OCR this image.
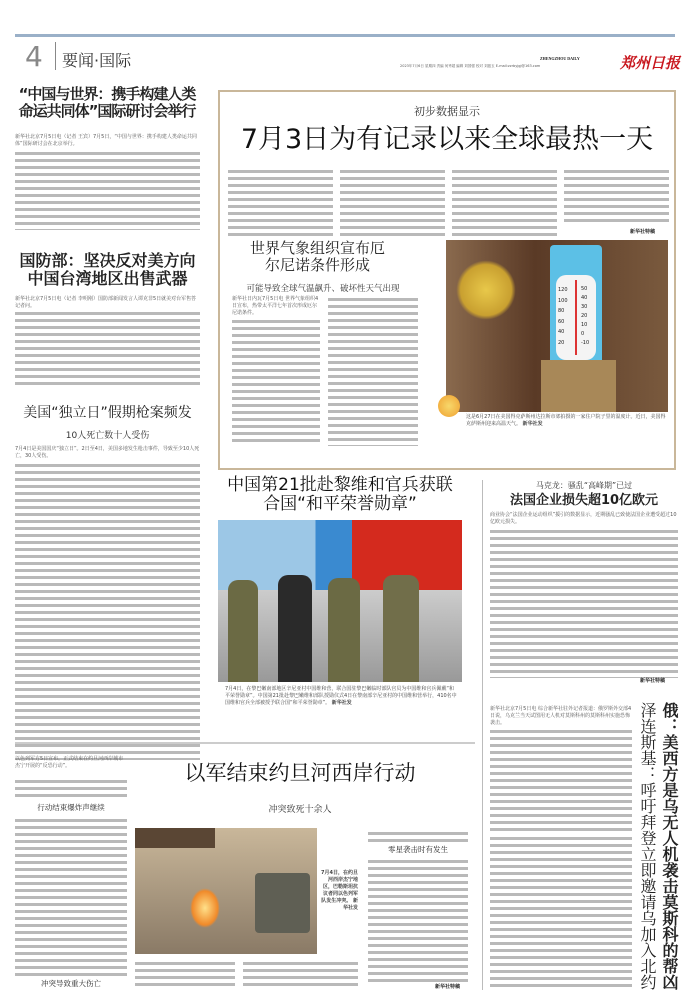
4 要闻·国际	ZHENGZHOU DAILY
2023年7月6日 星期四 责编 何秀超 编辑 刘国强 校对 刘振玉 E-mail:zzrbyjgj@163.com	郑州日报
“中国与世界：携手构建人类命运共同体”国际研讨会举行
新华社北京7月5日电（记者 王宾）7月5日，“中国与世界：携手构建人类命运共同体”国际研讨会在北京举行。
国防部：坚决反对美方向中国台湾地区出售武器
新华社北京7月5日电（记者 李明刚）国防部新闻发言人谭克非5日就美对台军售答记者问。
美国“独立日”假期枪案频发
10人死亡数十人受伤
7月4日是美国国庆“独立日”。2日至4日，美国多地发生枪击事件，导致至少10人死亡，30人受伤。
初步数据显示
7月3日为有记录以来全球最热一天
新华社特稿
世界气象组织宣布厄尔尼诺条件形成
可能导致全球气温飙升、破坏性天气出现
新华社日内瓦7月5日电 世界气象组织4日宣布，热带太平洋七年首次形成厄尔尼诺条件。
120
100
80
60
40
20
50
40
30
20
10
0
-10
这是6月27日在美国得克萨斯州达拉斯市郊拍摄的一家住户院子里的温度计。近日，美国得克萨斯州迎来高温天气。 新华社发
中国第21批赴黎维和官兵获联合国“和平荣誉勋章”
7月4日，在黎巴嫩南部地区辛尼亚村中国维和营，联合国驻黎巴嫩临时部队官员为中国维和官兵佩戴“和平荣誉勋章”。中国第21批赴黎巴嫩维和部队授勋仪式4日在黎南部辛尼亚村的中国维和营举行，410名中国维和官兵全部被授予联合国“和平荣誉勋章”。 新华社发
马克龙：骚乱“高峰期”已过
法国企业损失超10亿欧元
商业协会“法国企业运动组织”援引的数据显示，近期骚乱已致使法国企业遭受超过10亿欧元损失。
新华社特稿
新华社北京7月5日电 综合新华社驻外记者报道：俄罗斯外交部4日说，乌克兰当天试图用无人机对莫斯科州的莫斯科州实施恐怖袭击。	俄：美西方是乌无人机袭击莫斯科的帮凶
泽连斯基：呼吁拜登立即邀请乌加入北约
以色列军方5日宣布，正式结束在约旦河西岸城市杰宁开展的“反恐行动”。
行动结束爆炸声继续
冲突导致重大伤亡
以军结束约旦河西岸行动
冲突致死十余人
7月4日，在约旦河西岸杰宁地区，巴勒斯坦抗议者同以色列军队发生冲突。 新华社发
零星袭击时有发生
新华社特稿
